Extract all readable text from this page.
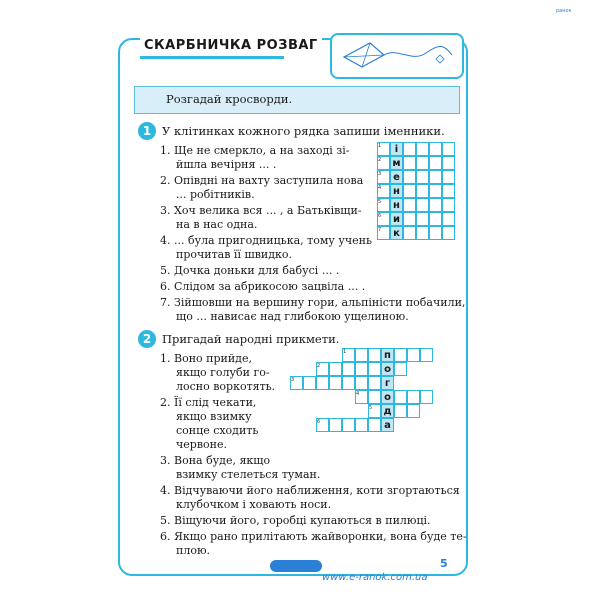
СКАРБНИЧКА РОЗВАГ
ранок
Розгадай кросворди.
1 У клітинках кожного рядка запиши іменники.
1. Ще не смеркло, а на заході зі-
йшла вечірня ... .
2. Опівдні на вахту заступила нова
... робітників.
3. Хоч велика вся ... , а Батьківщи-
на в нас одна.
4. ... була пригодницька, тому учень
прочитав її швидко.
5. Дочка доньки для бабусі ... .
6. Слідом за абрикосою зацвіла ... .
7. Зійшовши на вершину гори, альпіністи побачили,
що ... нависає над глибокою ущелиною.
і
1
м
2
е
3
н
4
н
5
и
6
к
7
2 Пригадай народні прикмети.
1. Воно прийде,
якщо голуби го-
лосно воркотять.
2. Її слід чекати,
якщо взимку
сонце сходить
червоне.
3. Вона буде, якщо
взимку стелеться туман.
4. Відчуваючи його наближення, коти згортаються
клубочком і ховають носи.
5. Віщуючи його, горобці купаються в пилюці.
6. Якщо рано прилітають жайворонки, вона буде те-
плою.
п
1
о
2
г
3
о
4
д
5
а
6
5
www.e-ranok.com.ua
